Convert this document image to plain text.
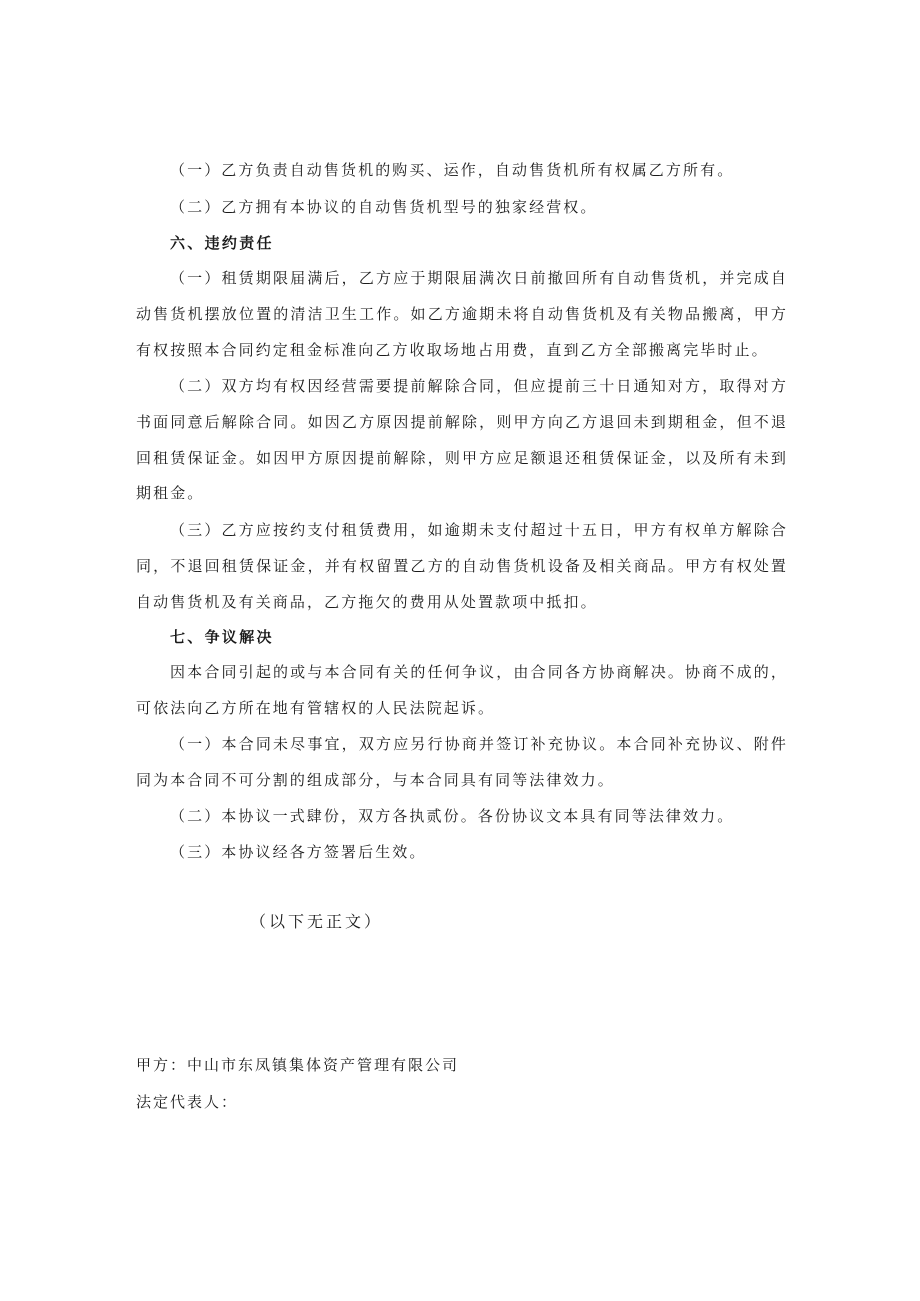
（一）乙方负责自动售货机的购买、运作，自动售货机所有权属乙方所有。
（二）乙方拥有本协议的自动售货机型号的独家经营权。
六、违约责任
（一）租赁期限届满后，乙方应于期限届满次日前撤回所有自动售货机，并完成自
动售货机摆放位置的清洁卫生工作。如乙方逾期未将自动售货机及有关物品搬离，甲方
有权按照本合同约定租金标准向乙方收取场地占用费，直到乙方全部搬离完毕时止。
（二）双方均有权因经营需要提前解除合同，但应提前三十日通知对方，取得对方
书面同意后解除合同。如因乙方原因提前解除，则甲方向乙方退回未到期租金，但不退
回租赁保证金。如因甲方原因提前解除，则甲方应足额退还租赁保证金，以及所有未到
期租金。
（三）乙方应按约支付租赁费用，如逾期未支付超过十五日，甲方有权单方解除合
同，不退回租赁保证金，并有权留置乙方的自动售货机设备及相关商品。甲方有权处置
自动售货机及有关商品，乙方拖欠的费用从处置款项中抵扣。
七、争议解决
因本合同引起的或与本合同有关的任何争议，由合同各方协商解决。协商不成的，
可依法向乙方所在地有管辖权的人民法院起诉。
（一）本合同未尽事宜，双方应另行协商并签订补充协议。本合同补充协议、附件
同为本合同不可分割的组成部分，与本合同具有同等法律效力。
（二）本协议一式肆份，双方各执贰份。各份协议文本具有同等法律效力。
（三）本协议经各方签署后生效。
（以下无正文）
甲方：中山市东凤镇集体资产管理有限公司
法定代表人：
